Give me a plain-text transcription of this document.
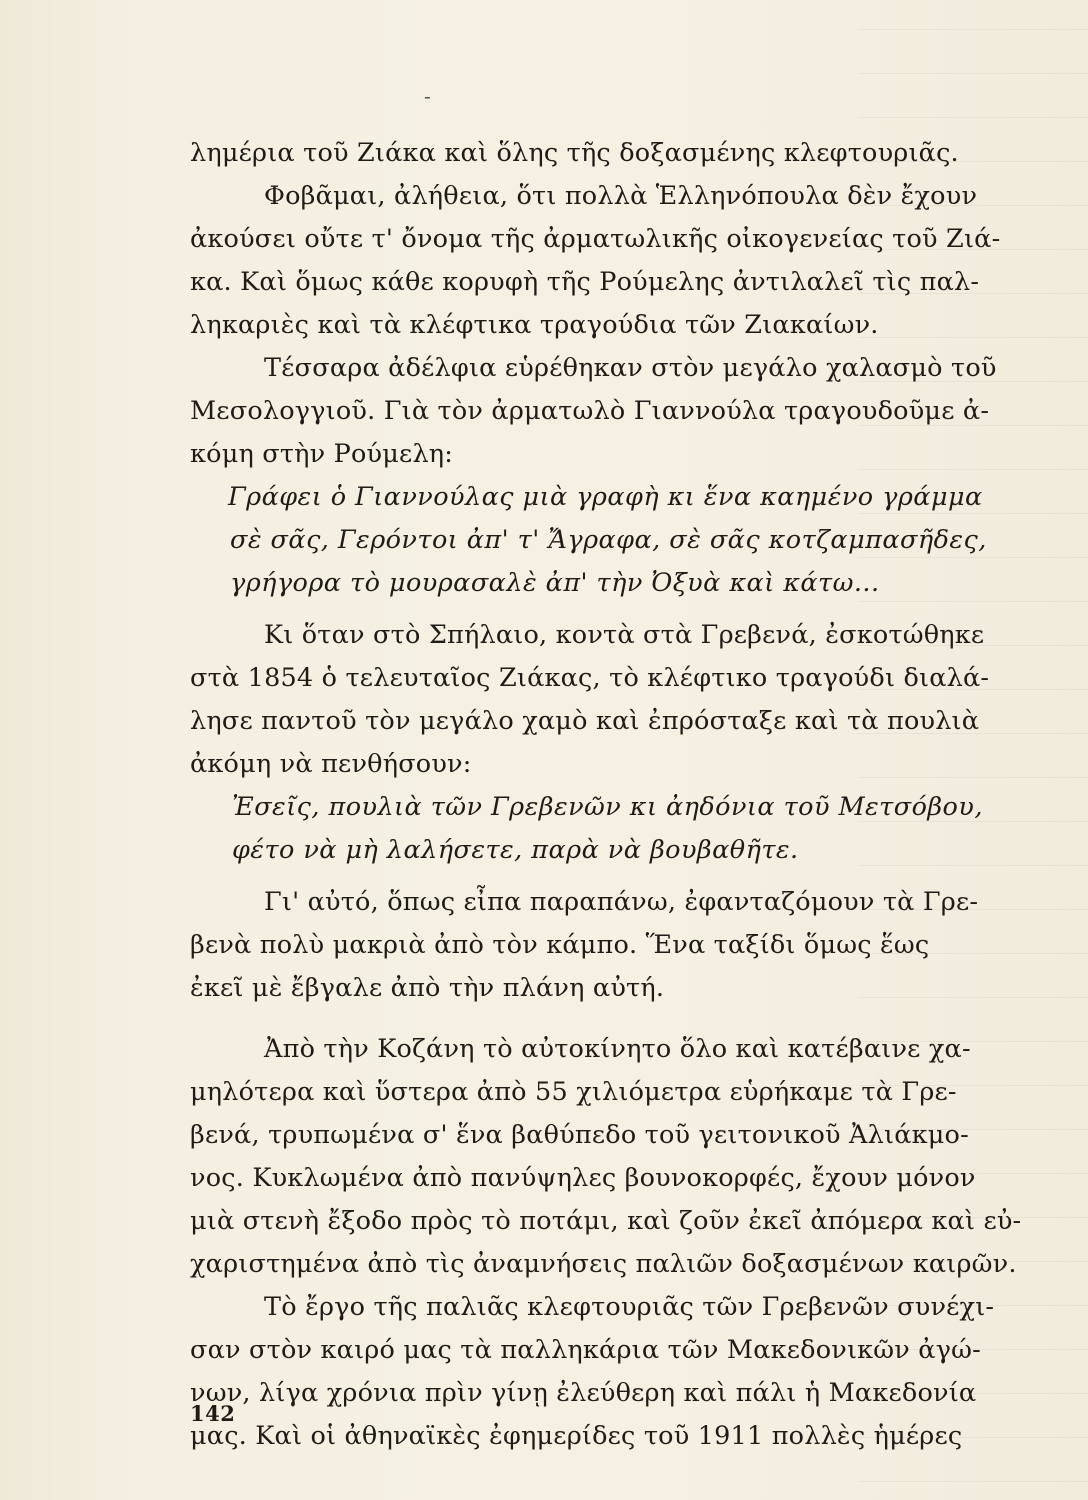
-
λημέρια τοῦ Ζιάκα καὶ ὅλης τῆς δοξασμένης κλεφτουριᾶς.
Φοβᾶμαι, ἀλήθεια, ὅτι πολλὰ Ἑλληνόπουλα δὲν ἔχουν
ἀκούσει οὔτε τ' ὄνομα τῆς ἀρματωλικῆς οἰκογενείας τοῦ Ζιά-
κα. Καὶ ὅμως κάθε κορυφὴ τῆς Ρούμελης ἀντιλαλεῖ τὶς παλ-
ληκαριὲς καὶ τὰ κλέφτικα τραγούδια τῶν Ζιακαίων.
Τέσσαρα ἀδέλφια εὑρέθηκαν στὸν μεγάλο χαλασμὸ τοῦ
Μεσολογγιοῦ. Γιὰ τὸν ἀρματωλὸ Γιαννούλα τραγουδοῦμε ἀ-
κόμη στὴν Ρούμελη:
Γράφει ὁ Γιαννούλας μιὰ γραφὴ κι ἕνα καημένο γράμμα
σὲ σᾶς, Γερόντοι ἀπ' τ' Ἄγραφα, σὲ σᾶς κοτζαμπασῆδες,
γρήγορα τὸ μουρασαλὲ ἀπ' τὴν Ὀξυὰ καὶ κάτω...
Κι ὅταν στὸ Σπήλαιο, κοντὰ στὰ Γρεβενά, ἐσκοτώθηκε
στὰ 1854 ὁ τελευταῖος Ζιάκας, τὸ κλέφτικο τραγούδι διαλά-
λησε παντοῦ τὸν μεγάλο χαμὸ καὶ ἐπρόσταξε καὶ τὰ πουλιὰ
ἀκόμη νὰ πενθήσουν:
Ἐσεῖς, πουλιὰ τῶν Γρεβενῶν κι ἀηδόνια τοῦ Μετσόβου,
φέτο νὰ μὴ λαλήσετε, παρὰ νὰ βουβαθῆτε.
Γι' αὐτό, ὅπως εἶπα παραπάνω, ἐφανταζόμουν τὰ Γρε-
βενὰ πολὺ μακριὰ ἀπὸ τὸν κάμπο. Ἕνα ταξίδι ὅμως ἕως
ἐκεῖ μὲ ἔβγαλε ἀπὸ τὴν πλάνη αὐτή.
Ἀπὸ τὴν Κοζάνη τὸ αὐτοκίνητο ὅλο καὶ κατέβαινε χα-
μηλότερα καὶ ὕστερα ἀπὸ 55 χιλιόμετρα εὑρήκαμε τὰ Γρε-
βενά, τρυπωμένα σ' ἕνα βαθύπεδο τοῦ γειτονικοῦ Ἀλιάκμο-
νος. Κυκλωμένα ἀπὸ πανύψηλες βουνοκορφές, ἔχουν μόνον
μιὰ στενὴ ἔξοδο πρὸς τὸ ποτάμι, καὶ ζοῦν ἐκεῖ ἀπόμερα καὶ εὐ-
χαριστημένα ἀπὸ τὶς ἀναμνήσεις παλιῶν δοξασμένων καιρῶν.
Τὸ ἔργο τῆς παλιᾶς κλεφτουριᾶς τῶν Γρεβενῶν συνέχι-
σαν στὸν καιρό μας τὰ παλληκάρια τῶν Μακεδονικῶν ἀγώ-
νων, λίγα χρόνια πρὶν γίνῃ ἐλεύθερη καὶ πάλι ἡ Μακεδονία
μας. Καὶ οἱ ἀθηναϊκὲς ἐφημερίδες τοῦ 1911 πολλὲς ἡμέρες
142
